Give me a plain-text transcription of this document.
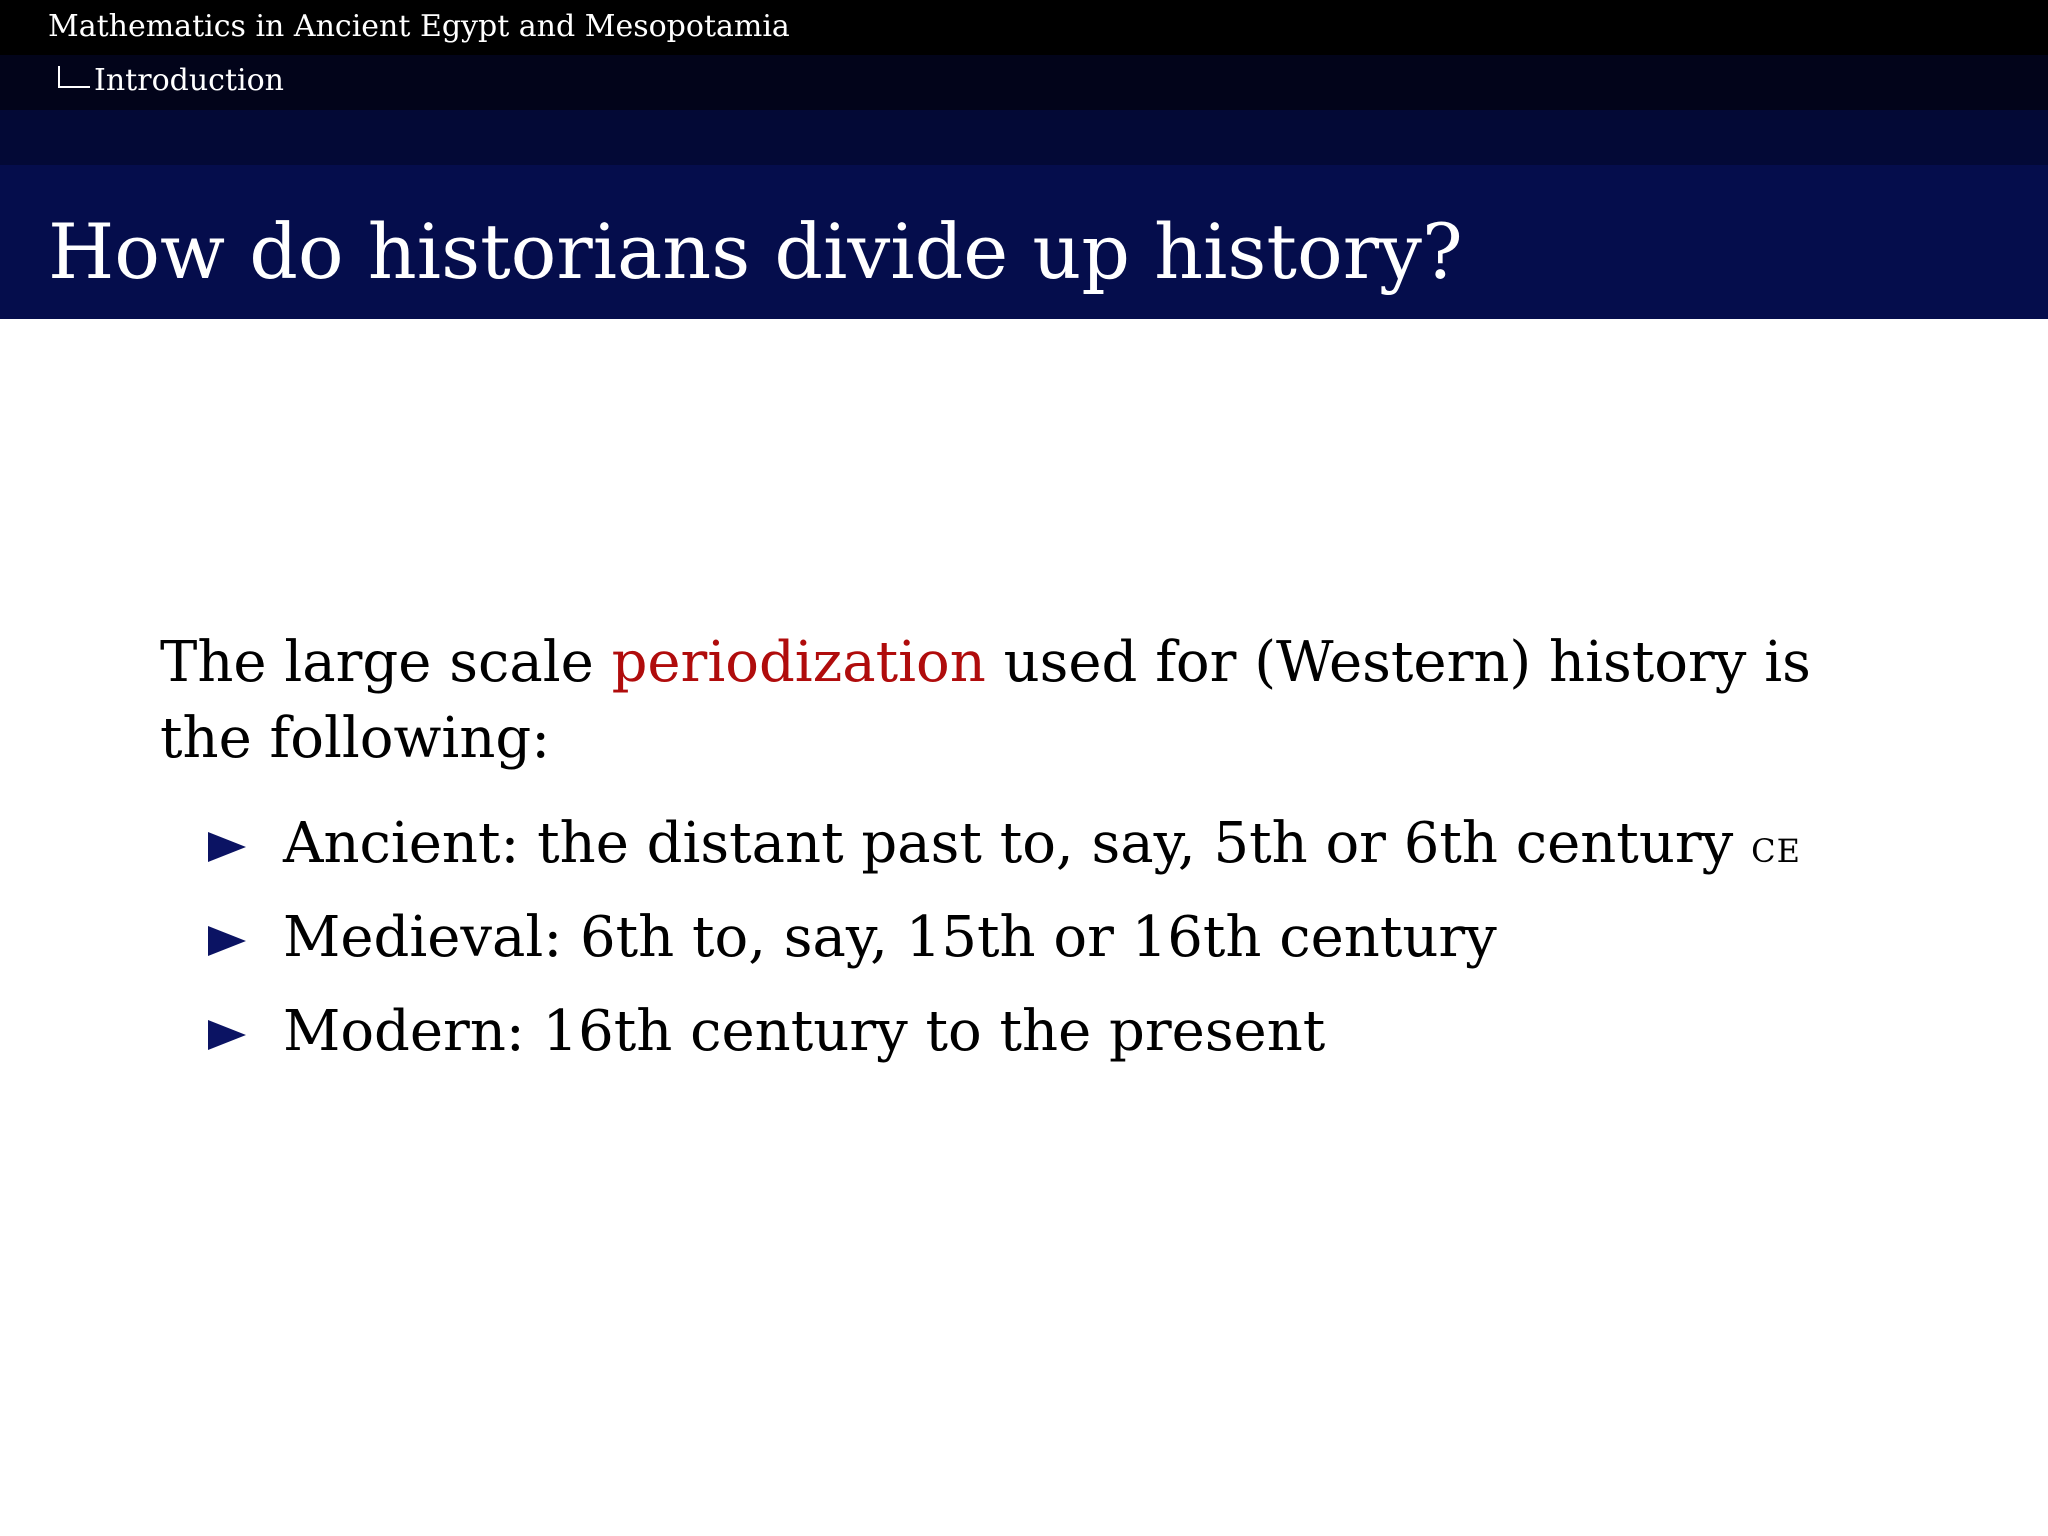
Mathematics in Ancient Egypt and Mesopotamia
Introduction
How do historians divide up history?
The large scale periodization used for (Western) history is the following:
Ancient: the distant past to, say, 5th or 6th century ce
Medieval: 6th to, say, 15th or 16th century
Modern: 16th century to the present
